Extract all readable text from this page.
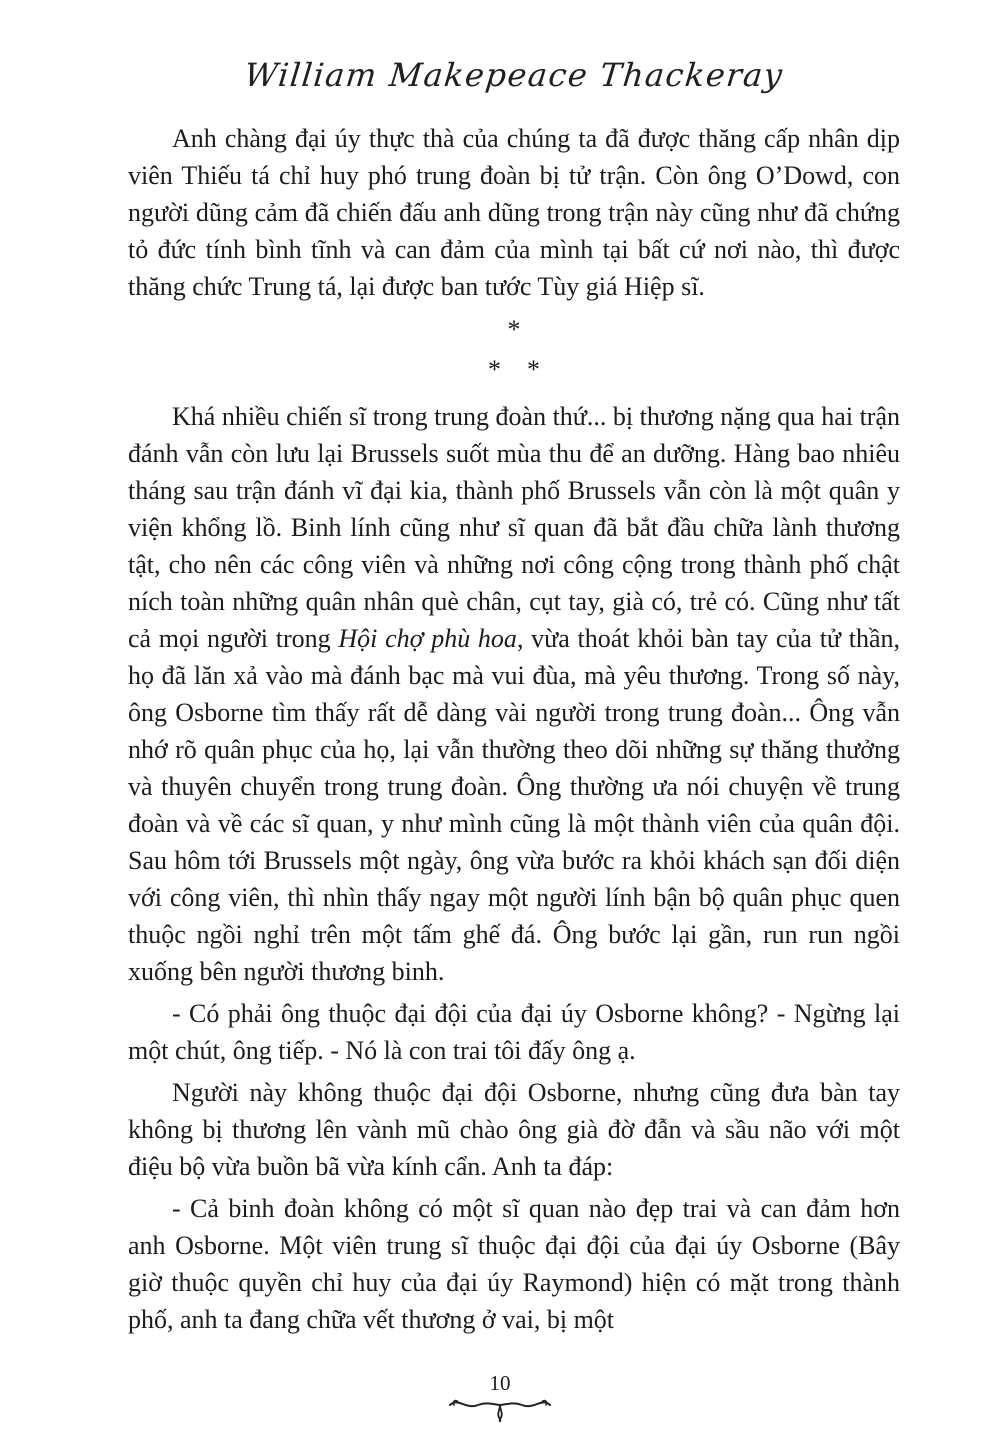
William Makepeace Thackeray

Anh chàng đại úy thực thà của chúng ta đã được thăng cấp nhân dịp viên Thiếu tá chỉ huy phó trung đoàn bị tử trận. Còn ông O’Dowd, con người dũng cảm đã chiến đấu anh dũng trong trận này cũng như đã chứng tỏ đức tính bình tĩnh và can đảm của mình tại bất cứ nơi nào, thì được thăng chức Trung tá, lại được ban tước Tùy giá Hiệp sĩ.

*
* *

Khá nhiều chiến sĩ trong trung đoàn thứ... bị thương nặng qua hai trận đánh vẫn còn lưu lại Brussels suốt mùa thu để an dưỡng. Hàng bao nhiêu tháng sau trận đánh vĩ đại kia, thành phố Brussels vẫn còn là một quân y viện khổng lồ. Binh lính cũng như sĩ quan đã bắt đầu chữa lành thương tật, cho nên các công viên và những nơi công cộng trong thành phố chật ních toàn những quân nhân què chân, cụt tay, già có, trẻ có. Cũng như tất cả mọi người trong Hội chợ phù hoa, vừa thoát khỏi bàn tay của tử thần, họ đã lăn xả vào mà đánh bạc mà vui đùa, mà yêu thương. Trong số này, ông Osborne tìm thấy rất dễ dàng vài người trong trung đoàn... Ông vẫn nhớ rõ quân phục của họ, lại vẫn thường theo dõi những sự thăng thưởng và thuyên chuyển trong trung đoàn. Ông thường ưa nói chuyện về trung đoàn và về các sĩ quan, y như mình cũng là một thành viên của quân đội. Sau hôm tới Brussels một ngày, ông vừa bước ra khỏi khách sạn đối diện với công viên, thì nhìn thấy ngay một người lính bận bộ quân phục quen thuộc ngồi nghỉ trên một tấm ghế đá. Ông bước lại gần, run run ngồi xuống bên người thương binh.

- Có phải ông thuộc đại đội của đại úy Osborne không? - Ngừng lại một chút, ông tiếp. - Nó là con trai tôi đấy ông ạ.

Người này không thuộc đại đội Osborne, nhưng cũng đưa bàn tay không bị thương lên vành mũ chào ông già đờ đẫn và sầu não với một điệu bộ vừa buồn bã vừa kính cẩn. Anh ta đáp:

- Cả binh đoàn không có một sĩ quan nào đẹp trai và can đảm hơn anh Osborne. Một viên trung sĩ thuộc đại đội của đại úy Osborne (Bây giờ thuộc quyền chỉ huy của đại úy Raymond) hiện có mặt trong thành phố, anh ta đang chữa vết thương ở vai, bị một

10
